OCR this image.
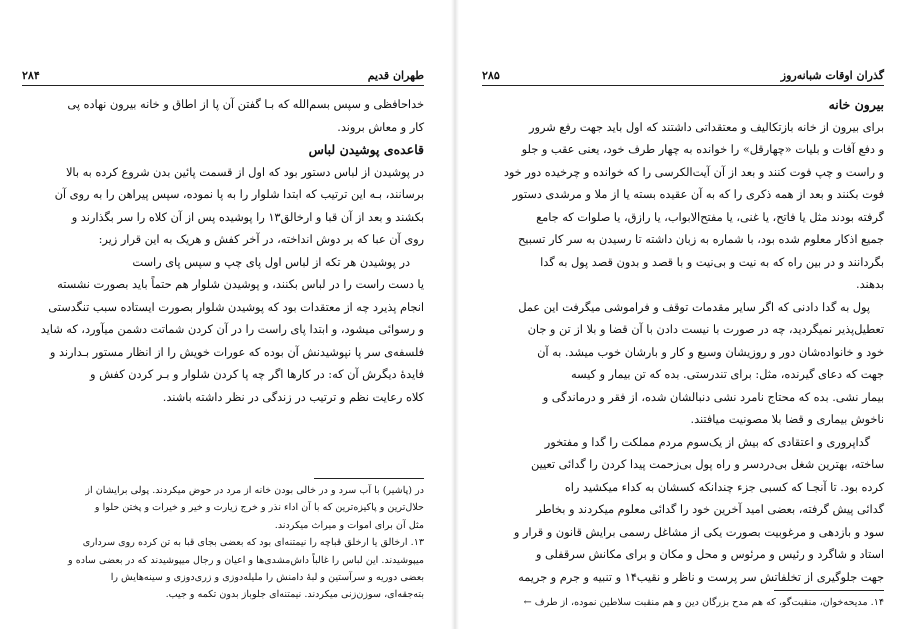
طهران قدیم
۲۸۴

خداحافظی و سپس بسم‌الله که بـا گفتن آن پا از اطاق و خانه بیرون نهاده پی

کار و معاش بروند.

قاعده‌ی پوشیدن لباس

در پوشیدن از لباس دستور بود که اول از قسمت پائین بدن شروع کرده به بالا

برسانند، بـه این ترتیب که ابتدا شلوار را به پا نموده، سپس پیراهن را به روی آن

بکشند و بعد از آن قبا و ارخالق۱۳ را پوشیده پس از آن کلاه را سر بگذارند و

روی آن عبا که بر دوش انداخته، در آخر کفش و هریک به این قرار زیر:

در پوشیدن هر تکه از لباس اول پای چپ و سپس پای راست

یا دست راست را در لباس بکنند، و پوشیدن شلوار هم حتماً باید بصورت نشسته

انجام پذیرد چه از معتقدات بود که پوشیدن شلوار بصورت ایستاده سبب تنگدستی

و رسوائی میشود، و ابتدا پای راست را در آن کردن شماتت دشمن میآورد، که شاید

فلسفه‌ی سر پا نپوشیدنش آن بوده که عورات خویش را از انظار مستور بـدارند و

فایدهٔ دیگرش آن که: در کارها اگر چه پا کردن شلوار و بـر کردن کفش و

کلاه رعایت نظم و ترتیب در زندگی در نظر داشته باشند.

در (پاشیر) با آب سرد و در خالی بودن خانه از مرد در حوض میکردند. پولی برایشان از

حلال‌ترین و پاکیزه‌ترین که با آن اداء نذر و خرج زیارت و خیر و خیرات و پختن حلوا و

مثل آن برای اموات و میراث میکردند.

۱۳. ارخالق یا ارخلق قباچه را نیمتنه‌ای بود که بعضی بجای قبا به تن کرده روی سرداری

میپوشیدند. این لباس را غالباً داش‌مشدی‌ها و اعیان و رجال میپوشیدند که در بعضی ساده و

بعضی دوریه و سرآستین و لبهٔ دامنش را ملیله‌دوزی و زری‌دوزی و سینه‌هایش را

بته‌جقه‌ای، سوزن‌زنی میکردند. نیمتنه‌ای جلوباز بدون تکمه و جیب.

گذران اوقات شبانه‌روز
۲۸۵

بیرون خانه

برای بیرون از خانه بازتکالیف و معتقداتی داشتند که اول باید جهت رفع شرور

و دفع آفات و بلیات «چهارقل» را خوانده به چهار طرف خود، یعنی عقب و جلو

و راست و چپ فوت کنند و بعد از آن آیت‌الکرسی را که خوانده و چرخیده دور خود

فوت بکنند و بعد از همه ذکری را که به آن عقیده بسته یا از ملا و مرشدی دستور

گرفته بودند مثل یا فاتح، یا غنی، یا مفتح‌الابواب، یا رازق، یا صلوات که جامع

جمیع اذکار معلوم شده بود، با شماره به زبان داشته تا رسیدن به سر کار تسبیح

بگردانند و در بین راه که به نیت و بی‌نیت و با قصد و بدون قصد پول به گدا

بدهند.

پول به گدا دادنی که اگر سایر مقدمات توقف و فراموشی میگرفت این عمل

تعطیل‌پذیر نمیگردید، چه در صورت با نیست دادن با آن قضا و بلا از تن و جان

خود و خانواده‌شان دور و روزیشان وسیع و کار و بارشان خوب میشد. به آن

جهت که دعای گیرنده، مثل: برای تندرستی. بده که تن بیمار و کیسه

بیمار نشی. بده که محتاج نامرد نشی دنبالشان شده، از فقر و درماندگی و

ناخوش بیماری و قضا بلا مصونیت میافتند.

گداپروری و اعتقادی که بیش از یک‌سوم مردم مملکت را گدا و مفتخور

ساخته، بهترین شغل بی‌دردسر و راه پول بی‌زحمت پیدا کردن را گدائی تعیین

کرده بود. تا آنجـا که کسبی جزء چندانکه کسشان به کداء میکشید راه

گدائی پیش گرفته، بعضی امید آخرین خود را گدائی معلوم میکردند و بخاطر

سود و بازدهی و مرغوبیت بصورت یکی از مشاغل رسمی برایش قانون و قرار و

استاد و شاگرد و رئیس و مرئوس و محل و مکان و برای مکانش سرقفلی و

جهت جلوگیری از تخلفاتش سر پرست و ناظر و نقیب۱۴ و تنبیه و جرم و جریمه

۱۴. مدیحه‌خوان، منقبت‌گو، که هم مدح بزرگان دین و هم منقبت سلاطین نموده، از طرف ←
